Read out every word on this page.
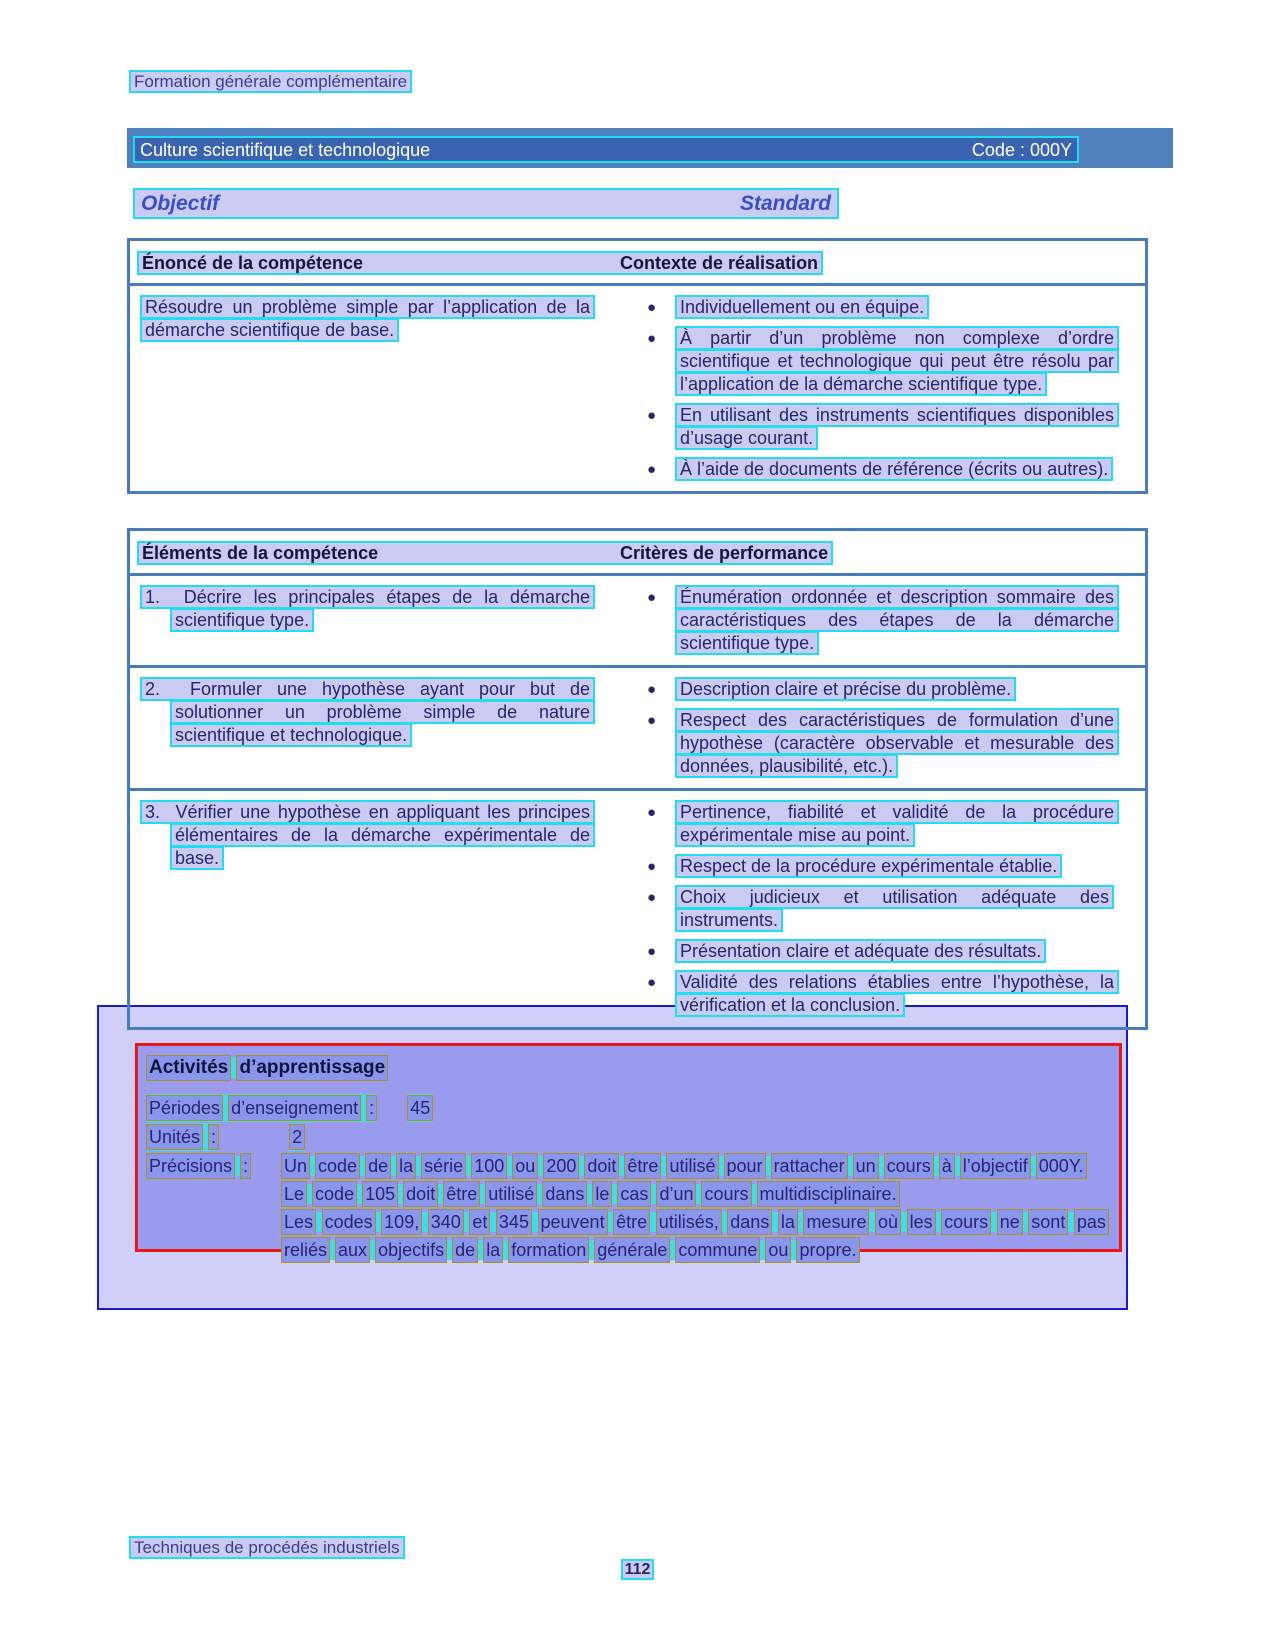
Formation générale complémentaire
Culture scientifique et technologique	Code : 000Y
Objectif	Standard
Énoncé de la compétence	Contexte de réalisation
Résoudre un problème simple par l’application de la démarche scientifique de base.
●	Individuellement ou en équipe.
●	À partir d’un problème non complexe d’ordre scientifique et technologique qui peut être résolu par l’application de la démarche scientifique type.
●	En utilisant des instruments scientifiques disponibles d’usage courant.
●	À l’aide de documents de référence (écrits ou autres).
Éléments de la compétence	Critères de performance

1. Décrire les principales étapes de la démarche scientifique type.

●	Énumération ordonnée et description sommaire des caractéristiques des étapes de la démarche scientifique type.

2. Formuler une hypothèse ayant pour but de solutionner un problème simple de nature scientifique et technologique.

●	Description claire et précise du problème.
●	Respect des caractéristiques de formulation d’une hypothèse (caractère observable et mesurable des données, plausibilité, etc.).

3. Vérifier une hypothèse en appliquant les principes élémentaires de la démarche expérimentale de base.

●	Pertinence, fiabilité et validité de la procédure expérimentale mise au point.
●	Respect de la procédure expérimentale établie.
●	Choix judicieux et utilisation adéquate des instruments.
●	Présentation claire et adéquate des résultats.
●	Validité des relations établies entre l’hypothèse, la vérification et la conclusion.
Activités d’apprentissage
Périodes d’enseignement : 45
Unités :	2
Précisions :	Un code de la série 100 ou 200 doit être utilisé pour rattacher un cours à l’objectif 000Y.

Le code 105 doit être utilisé dans le cas d’un cours multidisciplinaire.

Les codes 109, 340 et 345 peuvent être utilisés, dans la mesure où les cours ne sont pas reliés aux objectifs de la formation générale commune ou propre.

Techniques de procédés industriels
112
